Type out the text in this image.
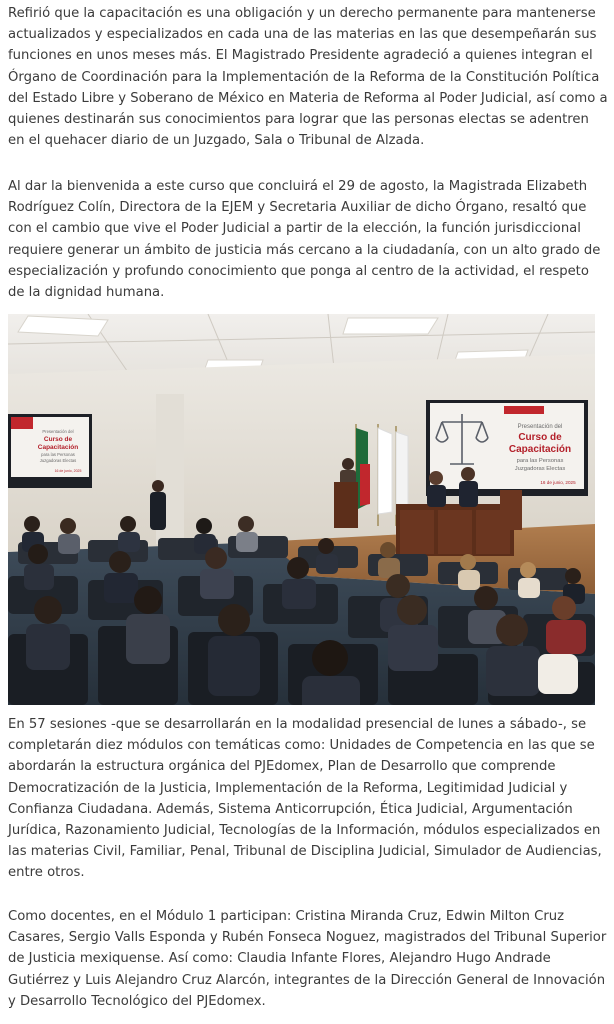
Refirió que la capacitación es una obligación y un derecho permanente para mantenerse actualizados y especializados en cada una de las materias en las que desempeñarán sus funciones en unos meses más. El Magistrado Presidente agradeció a quienes integran el Órgano de Coordinación para la Implementación de la Reforma de la Constitución Política del Estado Libre y Soberano de México en Materia de Reforma al Poder Judicial, así como a quienes destinarán sus conocimientos para lograr que las personas electas se adentren en el quehacer diario de un Juzgado, Sala o Tribunal de Alzada.

Al dar la bienvenida a este curso que concluirá el 29 de agosto, la Magistrada Elizabeth Rodríguez Colín, Directora de la EJEM y Secretaria Auxiliar de dicho Órgano, resaltó que con el cambio que vive el Poder Judicial a partir de la elección, la función jurisdiccional requiere generar un ámbito de justicia más cercano a la ciudadanía, con un alto grado de especialización y profundo conocimiento que ponga al centro de la actividad, el respeto de la dignidad humana.

Presentación del
Curso de
Capacitación
para las Personas
Juzgadoras Electas
16 de junio, 2025
Presentación del
Curso de
Capacitación
para las Personas
Juzgadoras Electas
16 de junio, 2025

En 57 sesiones -que se desarrollarán en la modalidad presencial de lunes a sábado-, se completarán diez módulos con temáticas como: Unidades de Competencia en las que se abordarán la estructura orgánica del PJEdomex, Plan de Desarrollo que comprende Democratización de la Justicia, Implementación de la Reforma, Legitimidad Judicial y Confianza Ciudadana. Además, Sistema Anticorrupción, Ética Judicial, Argumentación Jurídica, Razonamiento Judicial, Tecnologías de la Información, módulos especializados en las materias Civil, Familiar, Penal, Tribunal de Disciplina Judicial, Simulador de Audiencias, entre otros.

Como docentes, en el Módulo 1 participan: Cristina Miranda Cruz, Edwin Milton Cruz Casares, Sergio Valls Esponda y Rubén Fonseca Noguez, magistrados del Tribunal Superior de Justicia mexiquense. Así como: Claudia Infante Flores, Alejandro Hugo Andrade Gutiérrez y Luis Alejandro Cruz Alarcón, integrantes de la Dirección General de Innovación y Desarrollo Tecnológico del PJEdomex.
